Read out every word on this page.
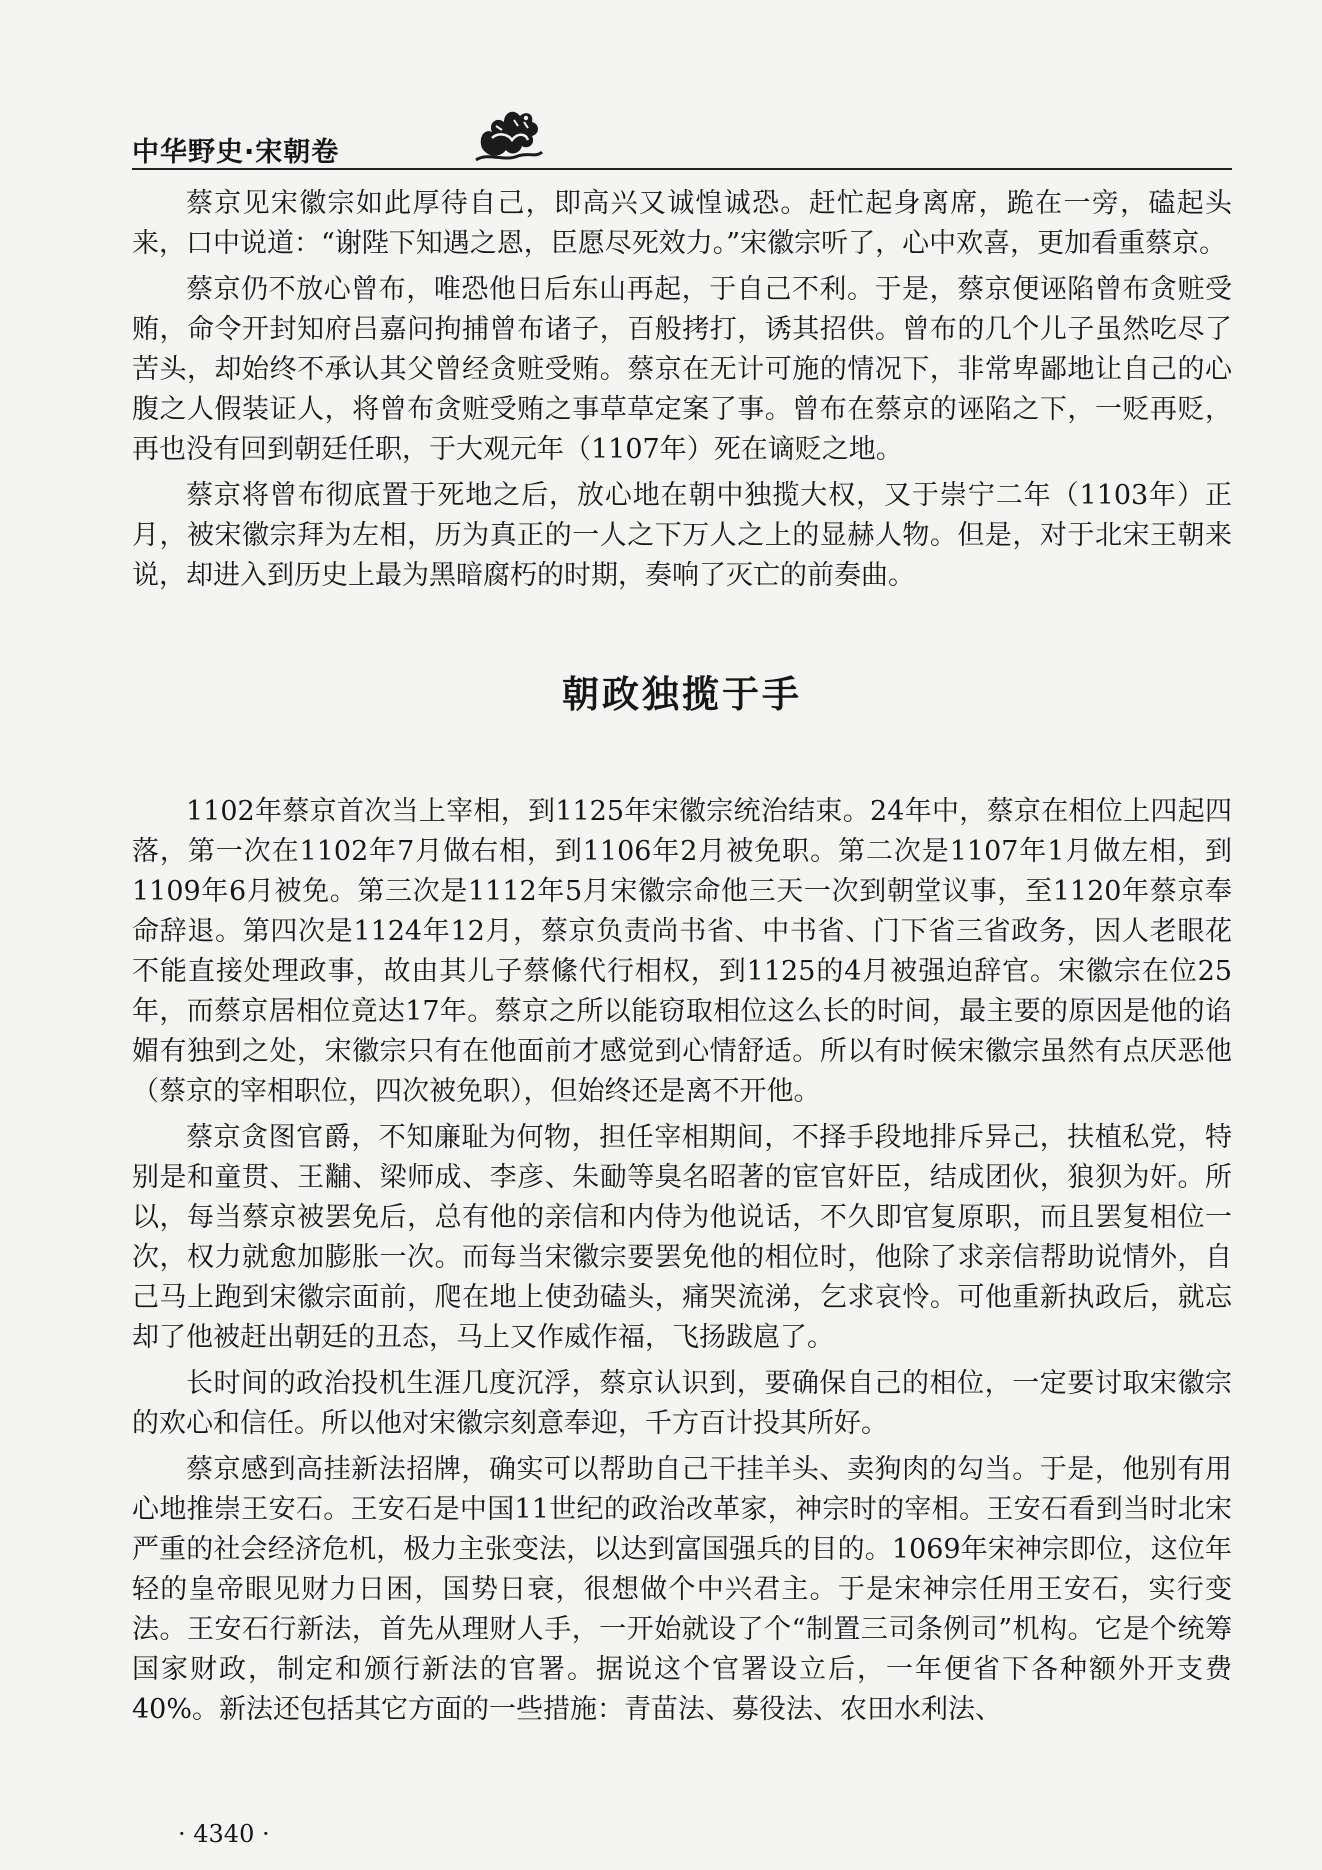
中华野史·宋朝卷

蔡京见宋徽宗如此厚待自己，即高兴又诚惶诚恐。赶忙起身离席，跪在一旁，磕起头来，口中说道：“谢陛下知遇之恩，臣愿尽死效力。”宋徽宗听了，心中欢喜，更加看重蔡京。

蔡京仍不放心曾布，唯恐他日后东山再起，于自己不利。于是，蔡京便诬陷曾布贪赃受贿，命令开封知府吕嘉问拘捕曾布诸子，百般拷打，诱其招供。曾布的几个儿子虽然吃尽了苦头，却始终不承认其父曾经贪赃受贿。蔡京在无计可施的情况下，非常卑鄙地让自己的心腹之人假装证人，将曾布贪赃受贿之事草草定案了事。曾布在蔡京的诬陷之下，一贬再贬，再也没有回到朝廷任职，于大观元年（1107年）死在谪贬之地。

蔡京将曾布彻底置于死地之后，放心地在朝中独揽大权，又于崇宁二年（1103年）正月，被宋徽宗拜为左相，历为真正的一人之下万人之上的显赫人物。但是，对于北宋王朝来说，却进入到历史上最为黑暗腐朽的时期，奏响了灭亡的前奏曲。

朝政独揽于手

1102年蔡京首次当上宰相，到1125年宋徽宗统治结束。24年中，蔡京在相位上四起四落，第一次在1102年7月做右相，到1106年2月被免职。第二次是1107年1月做左相，到1109年6月被免。第三次是1112年5月宋徽宗命他三天一次到朝堂议事，至1120年蔡京奉命辞退。第四次是1124年12月，蔡京负责尚书省、中书省、门下省三省政务，因人老眼花不能直接处理政事，故由其儿子蔡絛代行相权，到1125的4月被强迫辞官。宋徽宗在位25年，而蔡京居相位竟达17年。蔡京之所以能窃取相位这么长的时间，最主要的原因是他的谄媚有独到之处，宋徽宗只有在他面前才感觉到心情舒适。所以有时候宋徽宗虽然有点厌恶他（蔡京的宰相职位，四次被免职），但始终还是离不开他。

蔡京贪图官爵，不知廉耻为何物，担任宰相期间，不择手段地排斥异己，扶植私党，特别是和童贯、王黼、梁师成、李彦、朱勔等臭名昭著的宦官奸臣，结成团伙，狼狈为奸。所以，每当蔡京被罢免后，总有他的亲信和内侍为他说话，不久即官复原职，而且罢复相位一次，权力就愈加膨胀一次。而每当宋徽宗要罢免他的相位时，他除了求亲信帮助说情外，自己马上跑到宋徽宗面前，爬在地上使劲磕头，痛哭流涕，乞求哀怜。可他重新执政后，就忘却了他被赶出朝廷的丑态，马上又作威作福，飞扬跋扈了。

长时间的政治投机生涯几度沉浮，蔡京认识到，要确保自己的相位，一定要讨取宋徽宗的欢心和信任。所以他对宋徽宗刻意奉迎，千方百计投其所好。

蔡京感到高挂新法招牌，确实可以帮助自己干挂羊头、卖狗肉的勾当。于是，他别有用心地推崇王安石。王安石是中国11世纪的政治改革家，神宗时的宰相。王安石看到当时北宋严重的社会经济危机，极力主张变法，以达到富国强兵的目的。1069年宋神宗即位，这位年轻的皇帝眼见财力日困，国势日衰，很想做个中兴君主。于是宋神宗任用王安石，实行变法。王安石行新法，首先从理财人手，一开始就设了个“制置三司条例司”机构。它是个统筹国家财政，制定和颁行新法的官署。据说这个官署设立后，一年便省下各种额外开支费40%。新法还包括其它方面的一些措施：青苗法、募役法、农田水利法、

· 4340 ·
